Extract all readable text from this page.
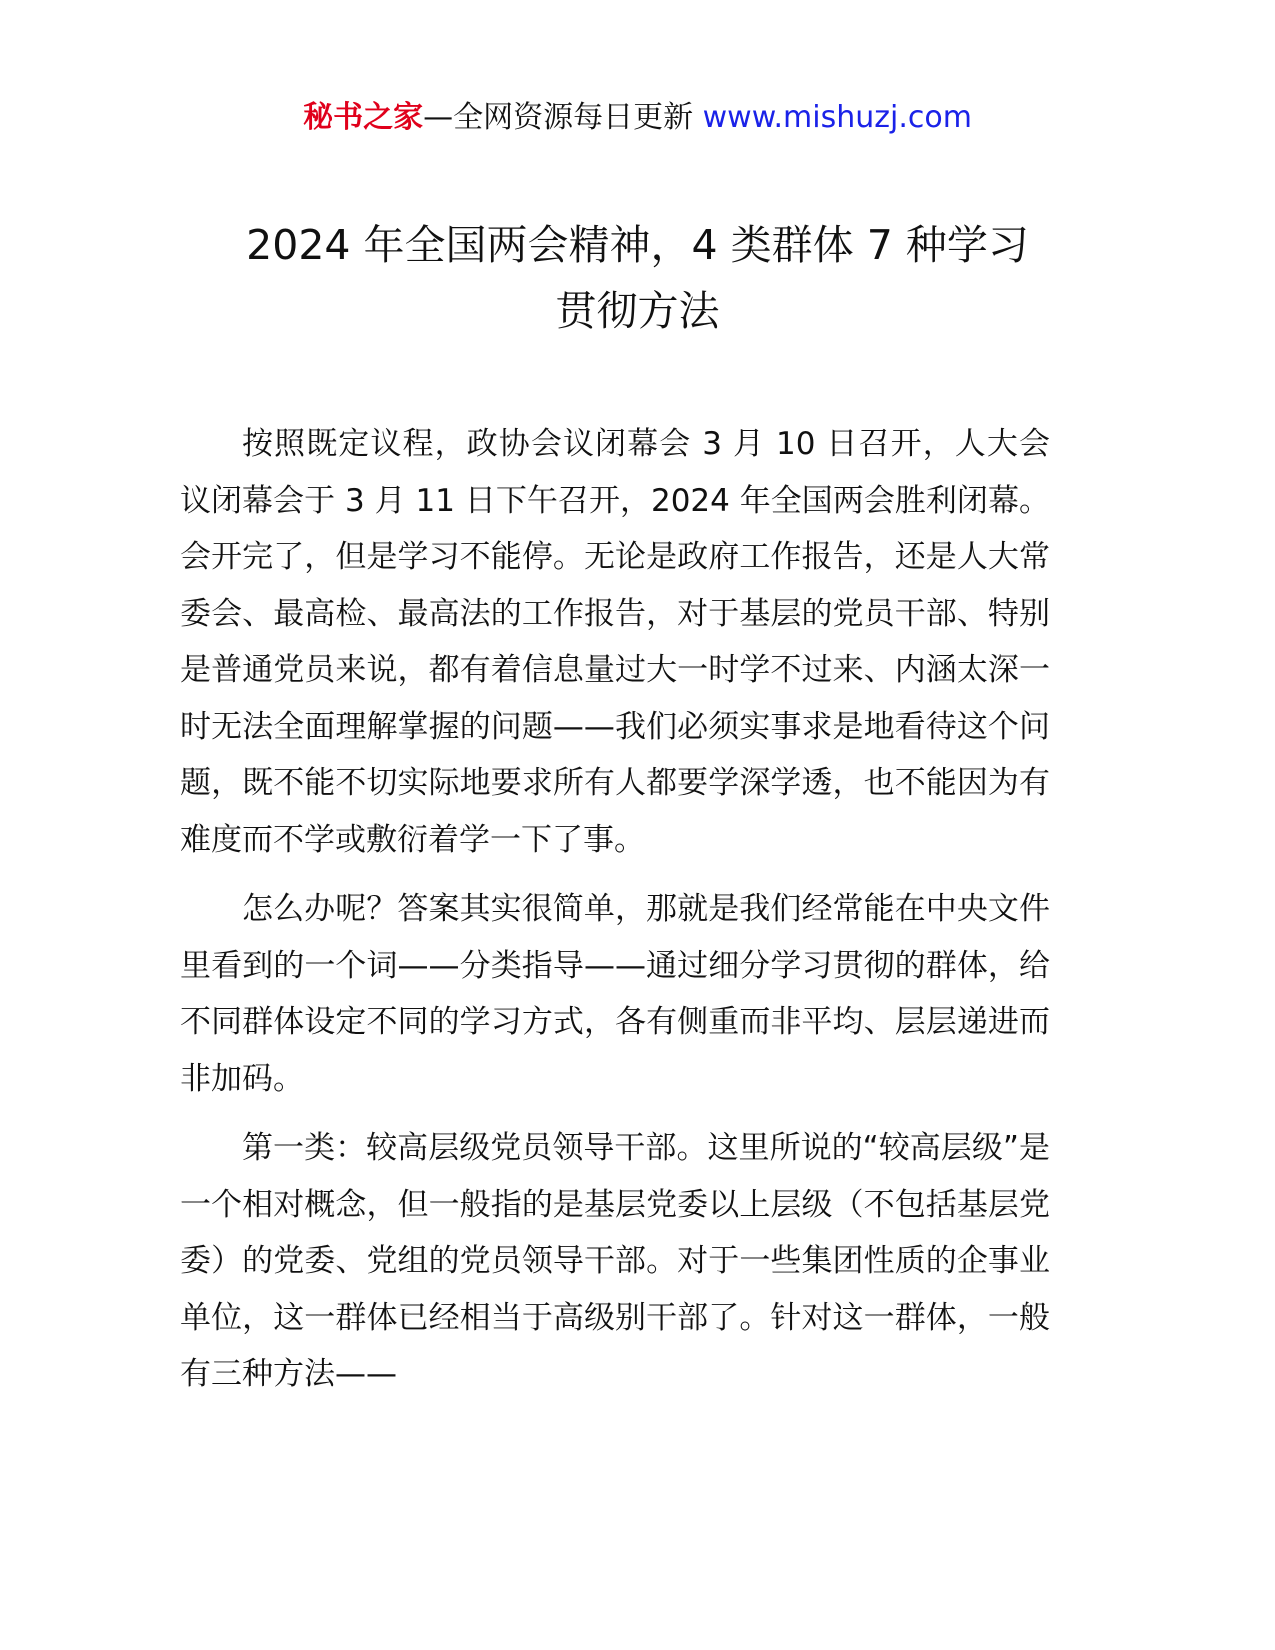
秘书之家—全网资源每日更新 www.mishuzj.com
2024 年全国两会精神，4 类群体 7 种学习
贯彻方法

按照既定议程，政协会议闭幕会 3 月 10 日召开，人大会议闭幕会于 3 月 11 日下午召开，2024 年全国两会胜利闭幕。会开完了，但是学习不能停。无论是政府工作报告，还是人大常委会、最高检、最高法的工作报告，对于基层的党员干部、特别是普通党员来说，都有着信息量过大一时学不过来、内涵太深一时无法全面理解掌握的问题——我们必须实事求是地看待这个问题，既不能不切实际地要求所有人都要学深学透，也不能因为有难度而不学或敷衍着学一下了事。

怎么办呢？答案其实很简单，那就是我们经常能在中央文件里看到的一个词——分类指导——通过细分学习贯彻的群体，给不同群体设定不同的学习方式，各有侧重而非平均、层层递进而非加码。

第一类：较高层级党员领导干部。这里所说的“较高层级”是一个相对概念，但一般指的是基层党委以上层级（不包括基层党委）的党委、党组的党员领导干部。对于一些集团性质的企事业单位，这一群体已经相当于高级别干部了。针对这一群体，一般有三种方法——
